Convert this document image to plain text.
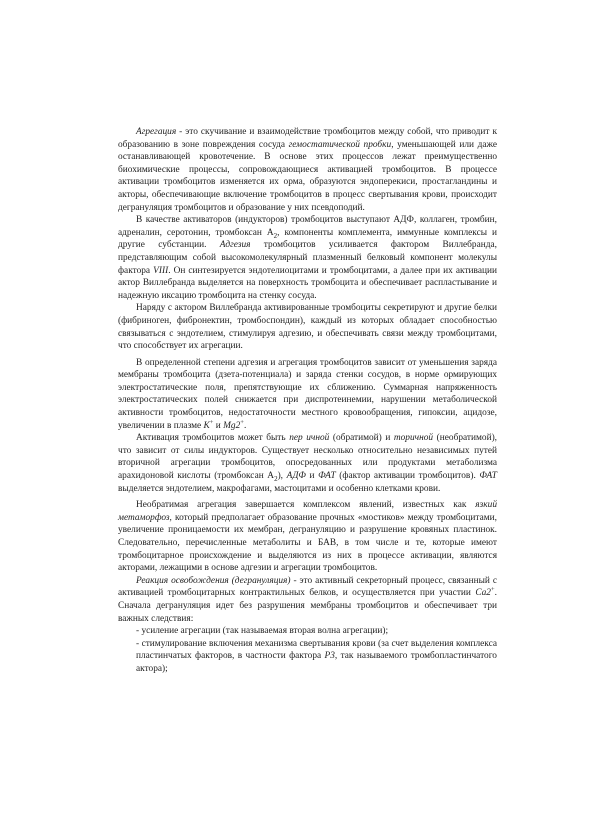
Агрегация - это скучивание и взаимодействие тромбоцитов между собой, что приводит к образованию в зоне повреждения сосуда гемостатической пробки, уменьшающей или даже останавливающей кровотечение. В основе этих процессов лежат преимущественно биохимические процессы, сопровождающиеся активацией тромбоцитов. В процессе активации тромбоцитов изменяется их орма, образуются эндоперекиси, простагландины и акторы, обеспечивающие включение тромбоцитов в процесс свертывания крови, происходит дегрануляция тромбоцитов и образование у них псевдоподий.

В качестве активаторов (индукторов) тромбоцитов выступают АДФ, коллаген, тромбин, адреналин, серотонин, тромбоксан $А_2$, компоненты комплемента, иммунные комплексы и другие субстанции. Адгезия тромбоцитов усиливается фактором Виллебранда, представляющим собой высокомолекулярный плазменный белковый компонент молекулы фактора VIII. Он синтезируется эндотелиоцитами и тромбоцитами, а далее при их активации актор Виллебранда выделяется на поверхность тромбоцита и обеспечивает распластывание и надежную иксацию тромбоцита на стенку сосуда.

Наряду с актором Виллебранда активированные тромбоциты секретируют и другие белки (фибриноген, фибронектин, тромбоспондин), каждый из которых обладает способностью связываться с эндотелием, стимулируя адгезию, и обеспечивать связи между тромбоцитами, что способствует их агрегации.

В определенной степени адгезия и агрегация тромбоцитов зависит от уменьшения заряда мембраны тромбоцита (дзета-потенциала) и заряда стенки сосудов, в норме ормирующих электростатические поля, препятствующие их сближению. Суммарная напряженность электростатических полей снижается при диспротеинемии, нарушении метаболической активности тромбоцитов, недостаточности местного кровообращения, гипоксии, ацидозе, увеличении в плазме K+ и Mg2+.

Активация тромбоцитов может быть пер ичной (обратимой) и торичной (необратимой), что зависит от силы индукторов. Существует несколько относительно независимых путей вторичной агрегации тромбоцитов, опосредованных или продуктами метаболизма арахидоновой кислоты (тромбоксан $А_2$), АДФ и ФАТ (фактор активации тромбоцитов). ФАТ выделяется эндотелием, макрофагами, мастоцитами и особенно клетками крови.

Необратимая агрегация завершается комплексом явлений, известных как язкий метаморфоз, который предполагает образование прочных «мостиков» между тромбоцитами, увеличение проницаемости их мембран, дегрануляцию и разрушение кровяных пластинок. Следовательно, перечисленные метаболиты и БАВ, в том числе и те, которые имеют тромбоцитарное происхождение и выделяются из них в процессе активации, являются акторами, лежащими в основе адгезии и агрегации тромбоцитов.

Реакция освобождения (дегрануляция) - это активный секреторный процесс, связанный с активацией тромбоцитарных контрактильных белков, и осуществляется при участии Са2+. Сначала дегрануляция идет без разрушения мембраны тромбоцитов и обеспечивает три важных следствия:

- усиление агрегации (так называемая вторая волна агрегации);

- стимулирование включения механизма свертывания крови (за счет выделения комплекса пластинчатых факторов, в частности фактора Р3, так называемого тромбопластинчатого актора);
